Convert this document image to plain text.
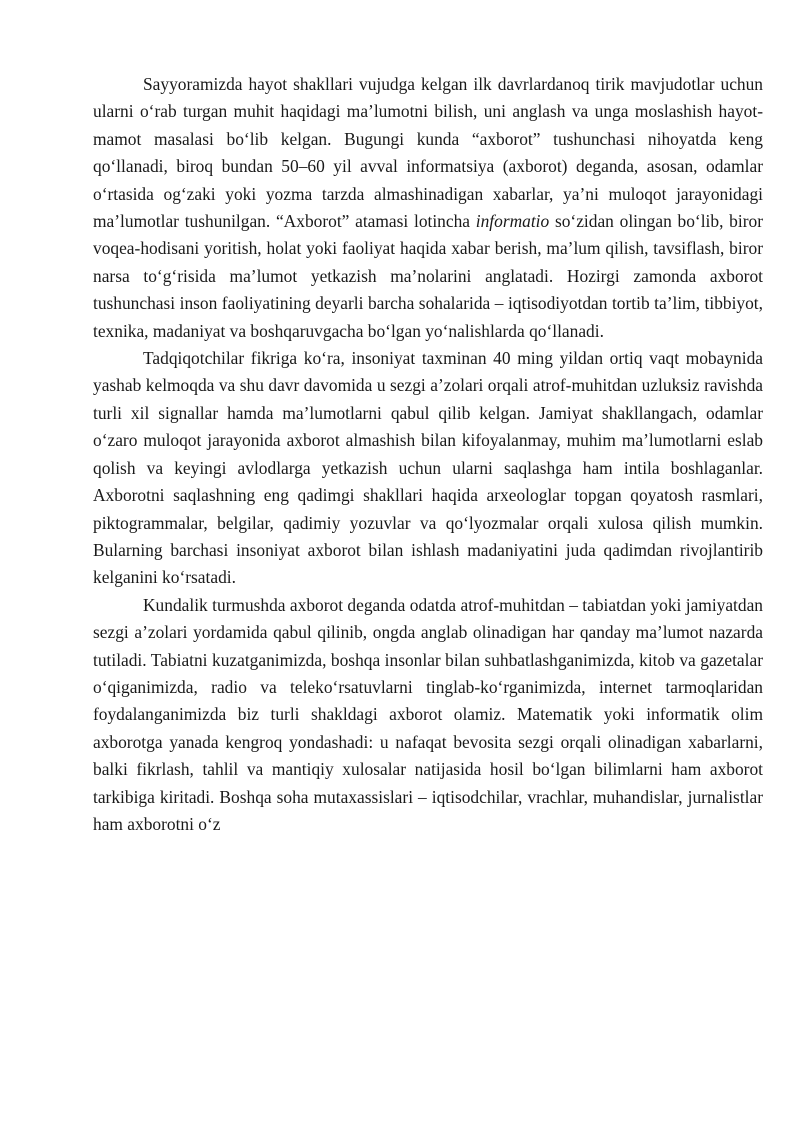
Sayyoramizda hayot shakllari vujudga kelgan ilk davrlardanoq tirik mavjudotlar uchun ularni o‘rab turgan muhit haqidagi ma’lumotni bilish, uni anglash va unga moslashish hayot-mamot masalasi bo‘lib kelgan. Bugungi kunda “axborot” tushunchasi nihoyatda keng qo‘llanadi, biroq bundan 50–60 yil avval informatsiya (axborot) deganda, asosan, odamlar o‘rtasida og‘zaki yoki yozma tarzda almashinadigan xabarlar, ya’ni muloqot jarayonidagi ma’lumotlar tushunilgan. “Axborot” atamasi lotincha informatio so‘zidan olingan bo‘lib, biror voqea-hodisani yoritish, holat yoki faoliyat haqida xabar berish, ma’lum qilish, tavsiflash, biror narsa to‘g‘risida ma’lumot yetkazish ma’nolarini anglatadi. Hozirgi zamonda axborot tushunchasi inson faoliyatining deyarli barcha sohalarida – iqtisodiyotdan tortib ta’lim, tibbiyot, texnika, madaniyat va boshqaruvgacha bo‘lgan yo‘nalishlarda qo‘llanadi.

Tadqiqotchilar fikriga ko‘ra, insoniyat taxminan 40 ming yildan ortiq vaqt mobaynida yashab kelmoqda va shu davr davomida u sezgi a’zolari orqali atrof-muhitdan uzluksiz ravishda turli xil signallar hamda ma’lumotlarni qabul qilib kelgan. Jamiyat shakllangach, odamlar o‘zaro muloqot jarayonida axborot almashish bilan kifoyalanmay, muhim ma’lumotlarni eslab qolish va keyingi avlodlarga yetkazish uchun ularni saqlashga ham intila boshlaganlar. Axborotni saqlashning eng qadimgi shakllari haqida arxeologlar topgan qoyatosh rasmlari, piktogrammalar, belgilar, qadimiy yozuvlar va qo‘lyozmalar orqali xulosa qilish mumkin. Bularning barchasi insoniyat axborot bilan ishlash madaniyatini juda qadimdan rivojlantirib kelganini ko‘rsatadi.

Kundalik turmushda axborot deganda odatda atrof-muhitdan – tabiatdan yoki jamiyatdan sezgi a’zolari yordamida qabul qilinib, ongda anglab olinadigan har qanday ma’lumot nazarda tutiladi. Tabiatni kuzatganimizda, boshqa insonlar bilan suhbatlashganimizda, kitob va gazetalar o‘qiganimizda, radio va teleko‘rsatuvlarni tinglab-ko‘rganimizda, internet tarmoqlaridan foydalanganimizda biz turli shakldagi axborot olamiz. Matematik yoki informatik olim axborotga yanada kengroq yondashadi: u nafaqat bevosita sezgi orqali olinadigan xabarlarni, balki fikrlash, tahlil va mantiqiy xulosalar natijasida hosil bo‘lgan bilimlarni ham axborot tarkibiga kiritadi. Boshqa soha mutaxassislari – iqtisodchilar, vrachlar, muhandislar, jurnalistlar ham axborotni o‘z
